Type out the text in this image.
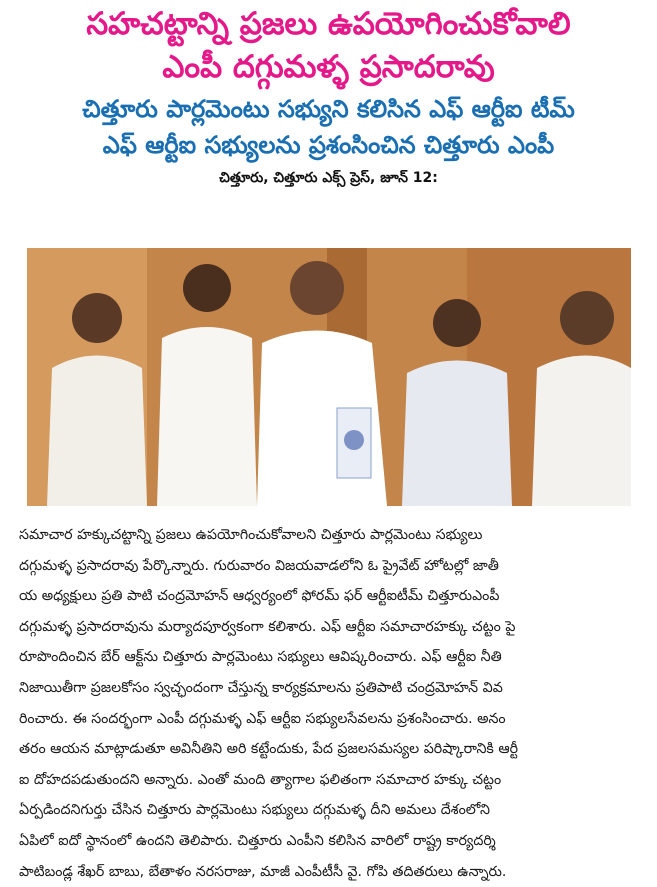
సహచట్టాన్ని ప్రజలు ఉపయోగించుకోవాలి
ఎంపీ దగ్గుమళ్ళ ప్రసాదరావు
చిత్తూరు పార్లమెంటు సభ్యుని కలిసిన ఎఫ్ ఆర్టీఐ టీమ్
ఎఫ్ ఆర్టీఐ సభ్యులను ప్రశంసించిన చిత్తూరు ఎంపీ
చిత్తూరు, చిత్తూరు ఎక్స్ ప్రెస్, జూన్ 12:
సమాచార హక్కుచట్టాన్ని ప్రజలు ఉపయోగించుకోవాలని చిత్తూరు పార్లమెంటు సభ్యులు
దగ్గుమళ్ళ ప్రసాదరావు పేర్కొన్నారు. గురువారం విజయవాడలోని ఓ ప్రైవేట్ హోటల్లో జాతీ
య అధ్యక్షులు ప్రతి పాటి చంద్రమోహన్ ఆధ్వర్యంలో ఫోరమ్ ఫర్ ఆర్టీఐటీమ్ చిత్తూరుఎంపీ
దగ్గుమళ్ళ ప్రసాదరావును మర్యాదపూర్వకంగా కలిశారు. ఎఫ్ ఆర్టీఐ సమాచారహక్కు చట్టం పై
రూపొందించిన బేర్ ఆక్ట్‌ను చిత్తూరు పార్లమెంటు సభ్యులు ఆవిష్కరించారు. ఎఫ్ ఆర్టీఐ నీతి
నిజాయితీగా ప్రజలకోసం స్వచ్ఛందంగా చేస్తున్న కార్యక్రమాలను ప్రతిపాటి చంద్రమోహన్ వివ
రించారు. ఈ సందర్భంగా ఎంపీ దగ్గుమళ్ళ ఎఫ్ ఆర్టీఐ సభ్యులసేవలను ప్రశంసించారు. అనం
తరం ఆయన మాట్లాడుతూ అవినీతిని అరి కట్టేందుకు, పేద ప్రజలసమస్యల పరిష్కారానికి ఆర్టీ
ఐ దోహదపడుతుందని అన్నారు. ఎంతో మంది త్యాగాల ఫలితంగా సమాచార హక్కు చట్టం
ఏర్పడిందనిగుర్తు చేసిన చిత్తూరు పార్లమెంటు సభ్యులు దగ్గుమళ్ళ దీని అమలు దేశంలోని
ఏపిలో ఐదో స్థానంలో ఉందని తెలిపారు. చిత్తూరు ఎంపీని కలిసిన వారిలో రాష్ట్ర కార్యదర్శి
పాటిబండ్ల శేఖర్ బాబు, బేతాళం నరసరాజు, మాజీ ఎంపీటీసీ వై. గోపి తదితరులు ఉన్నారు.
